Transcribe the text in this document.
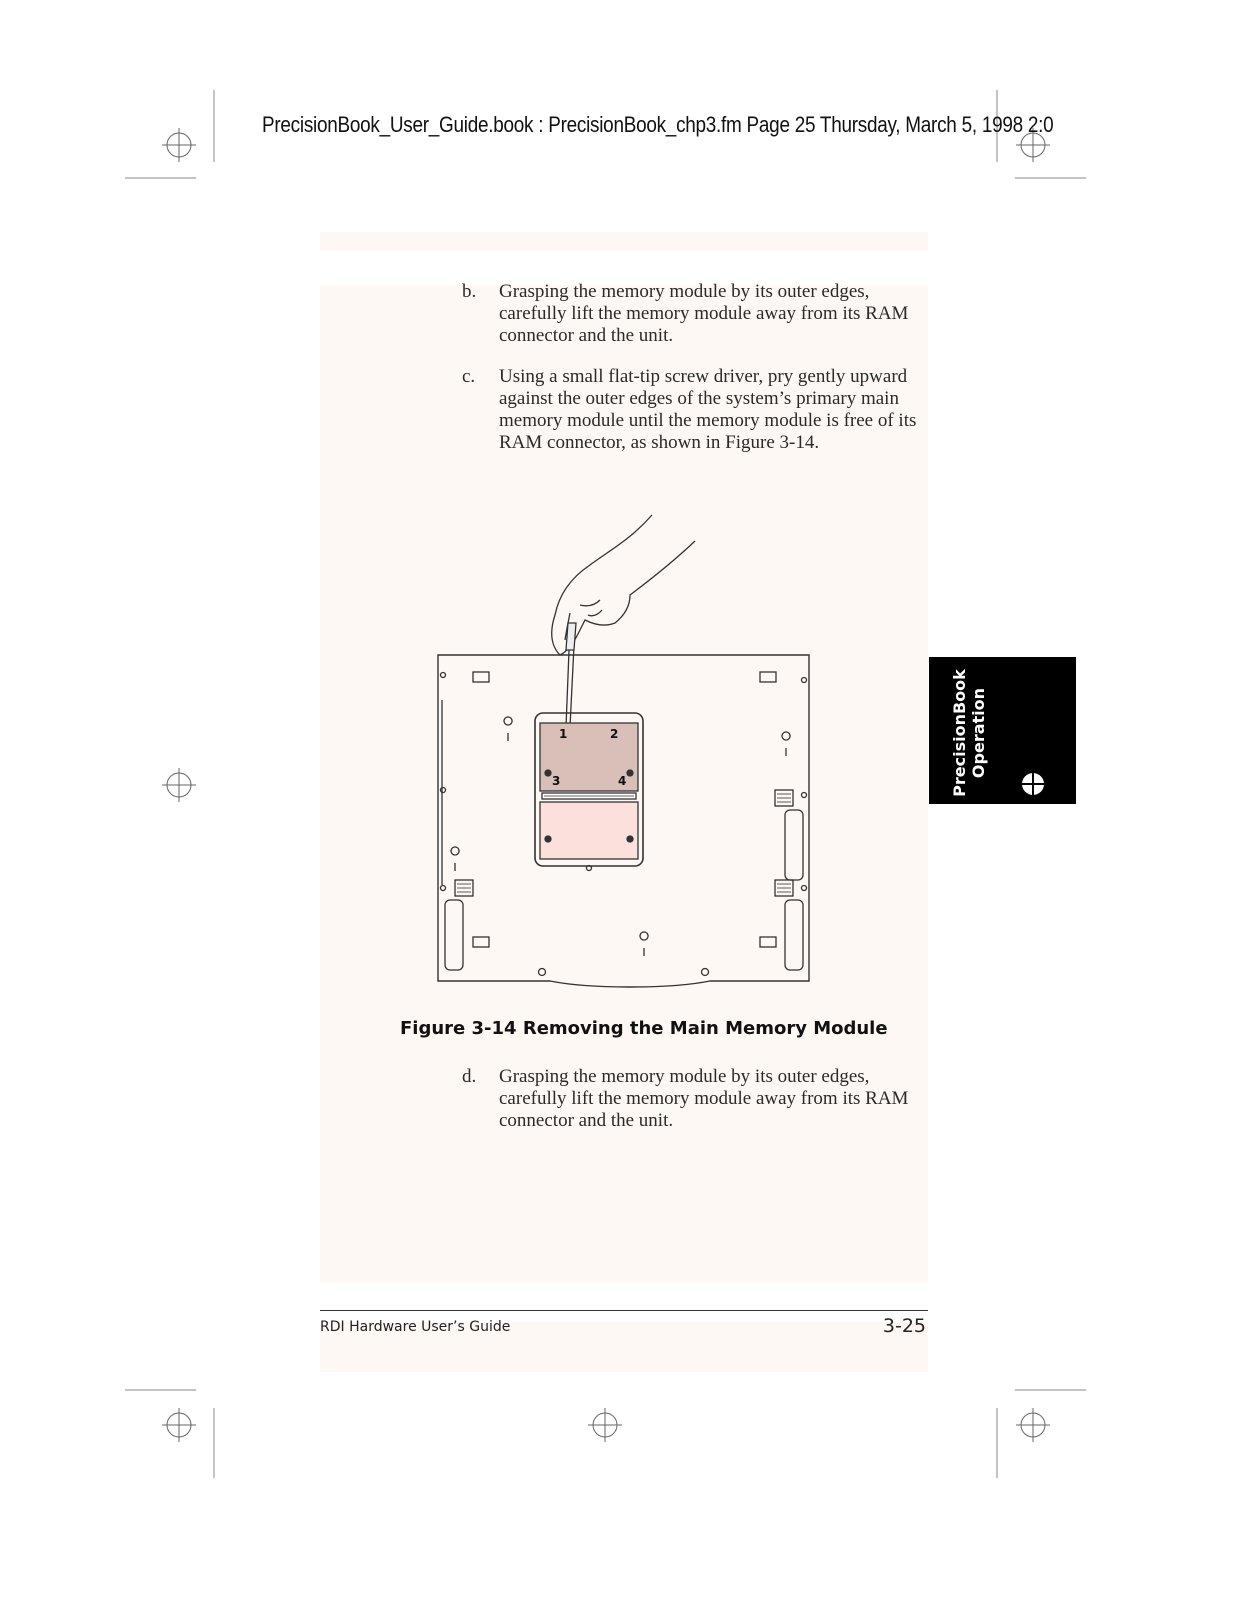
PrecisionBook_User_Guide.book : PrecisionBook_chp3.fm Page 25 Thursday, March 5, 1998 2:0
b.	Grasping the memory module by its outer edges, carefully lift the memory module away from its RAM connector and the unit.
c.	Using a small flat-tip screw driver, pry gently upward against the outer edges of the system’s primary main memory module until the memory module is free of its RAM connector, as shown in Figure 3-14.
1	2
3	4
Figure 3-14 Removing the Main Memory Module
d.	Grasping the memory module by its outer edges, carefully lift the memory module away from its RAM connector and the unit.
PrecisionBook Operation
RDI Hardware User’s Guide	3-25
